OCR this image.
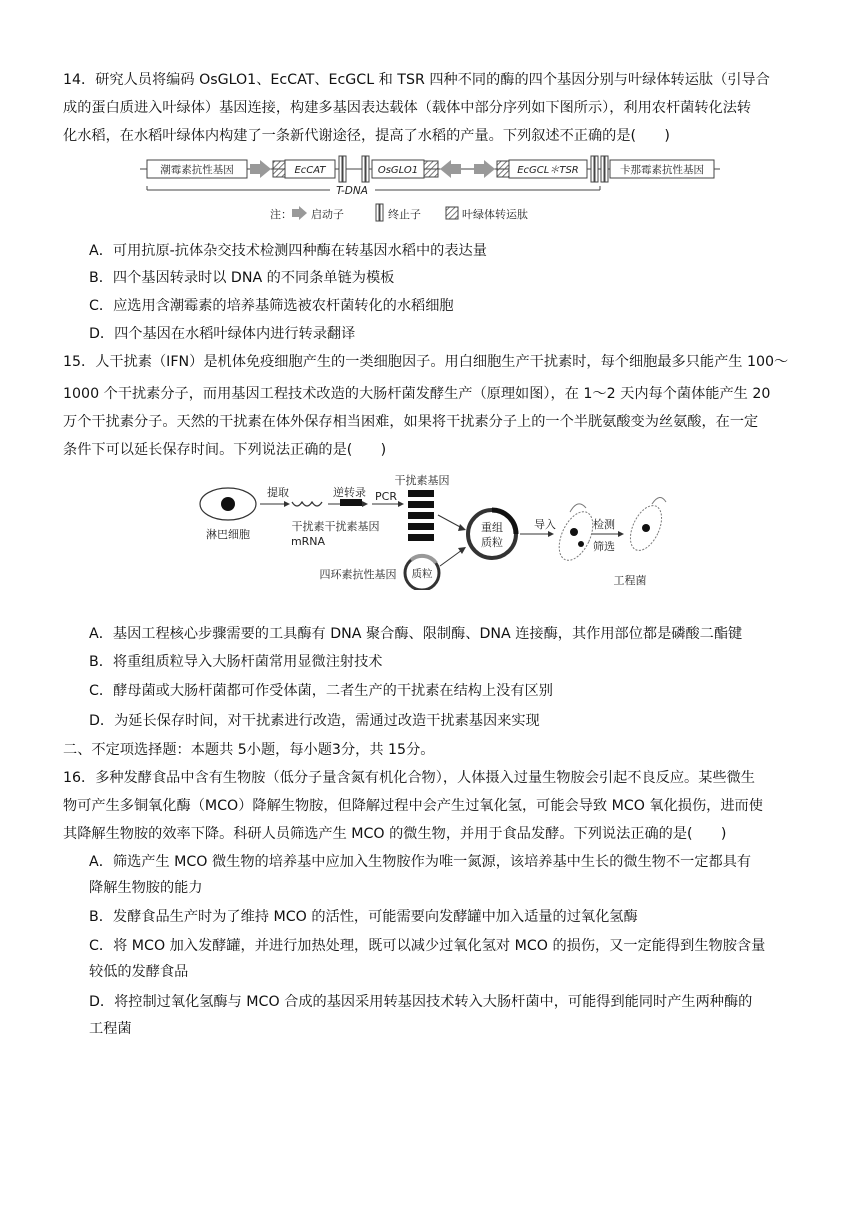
14．研究人员将编码 OsGLO1、EcCAT、EcGCL 和 TSR 四种不同的酶的四个基因分别与叶绿体转运肽（引导合
成的蛋白质进入叶绿体）基因连接，构建多基因表达载体（载体中部分序列如下图所示），利用农杆菌转化法转
化水稻，在水稻叶绿体内构建了一条新代谢途径，提高了水稻的产量。下列叙述不正确的是(　　)
潮霉素抗性基因	EcCAT	OsGLO1	EcGCL＊TSR	卡那霉素抗性基因
T-DNA
注： 启动子	终止子	叶绿体转运肽
A．可用抗原-抗体杂交技术检测四种酶在转基因水稻中的表达量
B．四个基因转录时以 DNA 的不同条单链为模板
C．应选用含潮霉素的培养基筛选被农杆菌转化的水稻细胞
D．四个基因在水稻叶绿体内进行转录翻译
15．人干扰素（IFN）是机体免疫细胞产生的一类细胞因子。用白细胞生产干扰素时，每个细胞最多只能产生 100～
1000 个干扰素分子，而用基因工程技术改造的大肠杆菌发酵生产（原理如图），在 1～2 天内每个菌体能产生 20
万个干扰素分子。天然的干扰素在体外保存相当困难，如果将干扰素分子上的一个半胱氨酸变为丝氨酸，在一定
条件下可以延长保存时间。下列说法正确的是(　　)
淋巴细胞
提取
干扰素
mRNA
逆转录
干扰素基因
PCR
干扰素基因
重组
质粒
质粒
四环素抗性基因
导入	检测
筛选
工程菌
A．基因工程核心步骤需要的工具酶有 DNA 聚合酶、限制酶、DNA 连接酶，其作用部位都是磷酸二酯键
B．将重组质粒导入大肠杆菌常用显微注射技术
C．酵母菌或大肠杆菌都可作受体菌，二者生产的干扰素在结构上没有区别
D．为延长保存时间，对干扰素进行改造，需通过改造干扰素基因来实现
二、不定项选择题：本题共 5小题，每小题3分，共 15分。
16．多种发酵食品中含有生物胺（低分子量含氮有机化合物），人体摄入过量生物胺会引起不良反应。某些微生
物可产生多铜氧化酶（MCO）降解生物胺，但降解过程中会产生过氧化氢，可能会导致 MCO 氧化损伤，进而使
其降解生物胺的效率下降。科研人员筛选产生 MCO 的微生物，并用于食品发酵。下列说法正确的是(　　)
A．筛选产生 MCO 微生物的培养基中应加入生物胺作为唯一氮源，该培养基中生长的微生物不一定都具有
降解生物胺的能力
B．发酵食品生产时为了维持 MCO 的活性，可能需要向发酵罐中加入适量的过氧化氢酶
C．将 MCO 加入发酵罐，并进行加热处理，既可以减少过氧化氢对 MCO 的损伤，又一定能得到生物胺含量
较低的发酵食品
D．将控制过氧化氢酶与 MCO 合成的基因采用转基因技术转入大肠杆菌中，可能得到能同时产生两种酶的
工程菌
